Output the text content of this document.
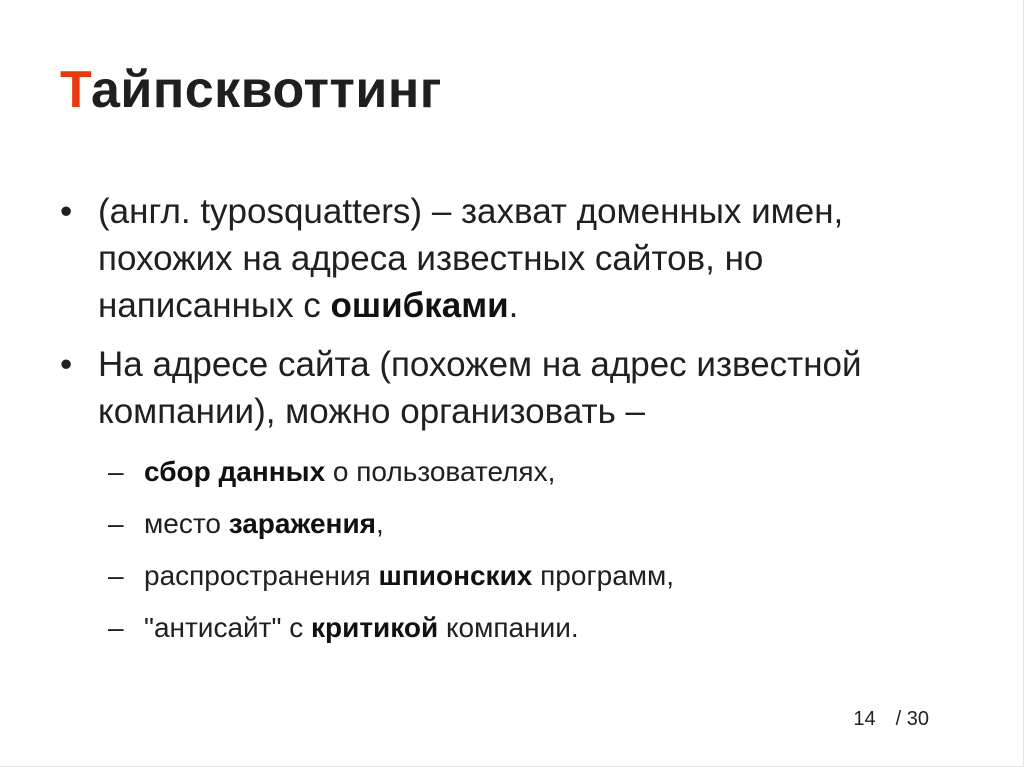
Тайпсквоттинг
• (англ. typosquatters) – захват доменных имен, похожих на адреса известных сайтов, но написанных с ошибками.
• На адресе сайта (похожем на адрес известной компании), можно организовать –
– сбор данных о пользователях,
– место заражения,
– распространения шпионских программ,
– "антисайт" с критикой компании.
14 / 30
